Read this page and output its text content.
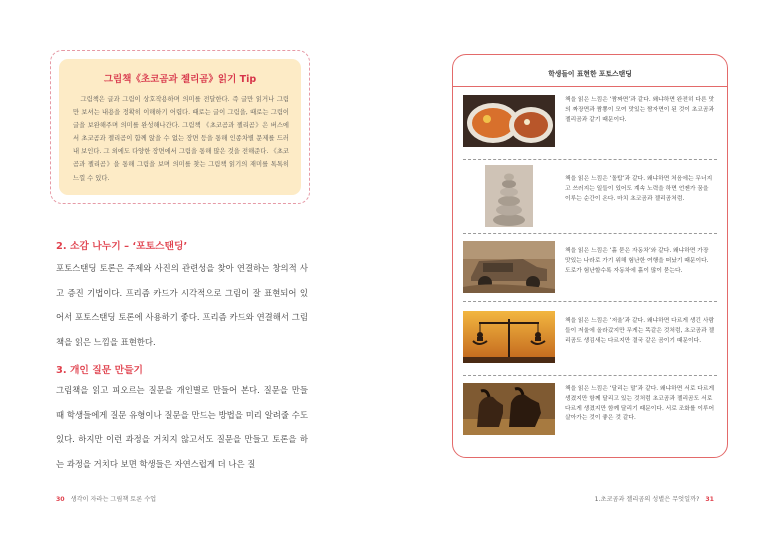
그림책《초코곰과 젤리곰》읽기 Tip

그림책은 글과 그림이 상호작용하며 의미를 전달한다. 즉 글만 읽거나 그림만 보셔는 내용을 정확히 이해하기 어렵다. 때로는 글이 그림을, 때로는 그림이 글을 보완해주며 의미를 완성해나간다. 그림책 《초코곰과 젤리곰》은 버스에서 초코곰과 젤리곰이 함께 앉을 수 없는 장면 등을 통해 인종차별 문제를 드러내 보인다. 그 외에도 다양한 장면에서 그림을 통해 많은 것을 전해준다. 《초코곰과 젤리곰》을 통해 그림을 보며 의미를 찾는 그림책 읽기의 재미를 톡톡히 느낄 수 있다.

2. 소감 나누기 – ‘포토스탠딩’

포토스탠딩 토론은 주제와 사진의 관련성을 찾아 연결하는 창의적 사고 증진 기법이다. 프리즘 카드가 시각적으로 그림이 잘 표현되어 있어서 포토스탠딩 토론에 사용하기 좋다. 프리즘 카드와 연결해서 그림책을 읽은 느낌을 표현한다.

3. 개인 질문 만들기

그림책을 읽고 피오르는 질문을 개인별로 만들어 본다. 질문을 만들 때 학생들에게 질문 유형이나 질문을 만드는 방법을 미리 알려줄 수도 있다. 하지만 이런 과정을 거치지 않고서도 질문을 만들고 토론을 하는 과정을 거치다 보면 학생들은 자연스럽게 더 나은 질

30 생각이 자라는 그림책 토론 수업
학생들이 표현한 포토스탠딩

책을 읽은 느낌은 ‘짬짜면’과 같다. 왜냐하면 완전히 다른 맛의 짜장면과 짬뽕이 모여 맛있는 짬자면이 된 것이 초코곰과 젤리곰과 같기 때문이다.

책을 읽은 느낌은 ‘돌탑’과 같다. 왜냐하면 처음에는 무너지고 쓰러지는 일들이 있어도 계속 노력을 하면 언젠가 꿈을 이루는 순간이 온다. 마치 초코곰과 젤리곰처럼.

책을 읽은 느낌은 ‘흙 묻은 자동차’와 같다. 왜냐하면 가장 맛있는 나라로 가기 위해 험난한 여행을 떠났기 때문이다. 도로가 험난할수록 자동차에 흙이 많이 묻는다.

책을 읽은 느낌은 ‘저울’과 같다. 왜냐하면 다르게 생긴 사람들이 저울에 올라갔지만 무게는 똑같은 것처럼, 초코곰과 젤리곰도 생김새는 다르지만 결국 같은 곰이기 때문이다.

책을 읽은 느낌은 ‘달리는 말’과 같다. 왜냐하면 서로 다르게 생겼지만 함께 달리고 있는 것처럼 초코곰과 젤리곰도 서로 다르게 생겼지만 함께 달리기 때문이다. 서로 조화를 이루어 살아가는 것이 좋은 것 같다.

1.초코곰과 젤리곰의 성별은 무엇일까? 31
